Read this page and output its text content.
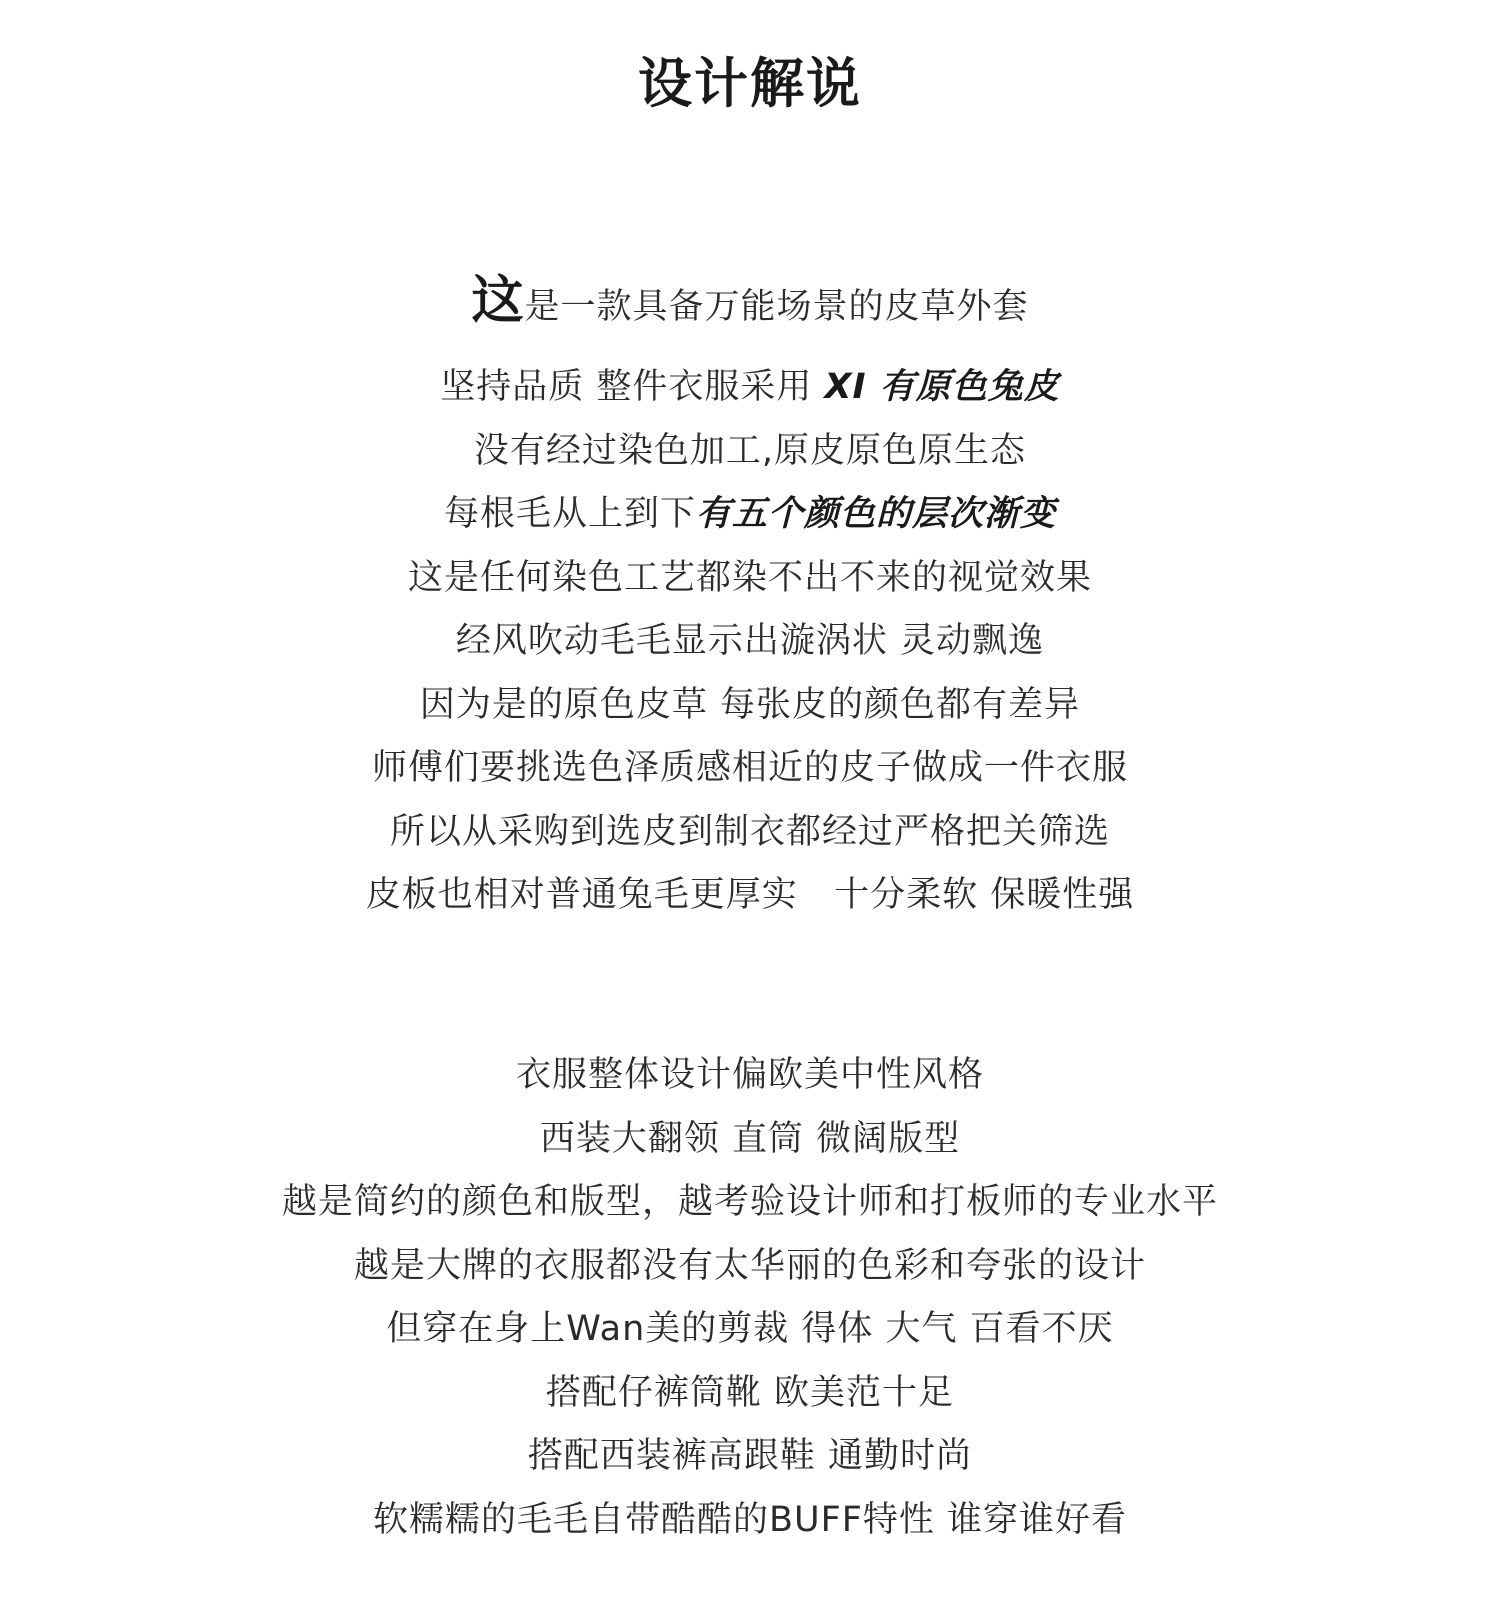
设计解说
这是一款具备万能场景的皮草外套
坚持品质 整件衣服采用 XI 有原色兔皮
没有经过染色加工,原皮原色原生态
每根毛从上到下有五个颜色的层次渐变
这是任何染色工艺都染不出不来的视觉效果
经风吹动毛毛显示出漩涡状 灵动飘逸
因为是的原色皮草 每张皮的颜色都有差异
师傅们要挑选色泽质感相近的皮子做成一件衣服
所以从采购到选皮到制衣都经过严格把关筛选
皮板也相对普通兔毛更厚实   十分柔软 保暖性强
衣服整体设计偏欧美中性风格
西装大翻领 直筒 微阔版型
越是简约的颜色和版型，越考验设计师和打板师的专业水平
越是大牌的衣服都没有太华丽的色彩和夸张的设计
但穿在身上Wan美的剪裁 得体 大气 百看不厌
搭配仔裤筒靴 欧美范十足
搭配西装裤高跟鞋 通勤时尚
软糯糯的毛毛自带酷酷的BUFF特性 谁穿谁好看
